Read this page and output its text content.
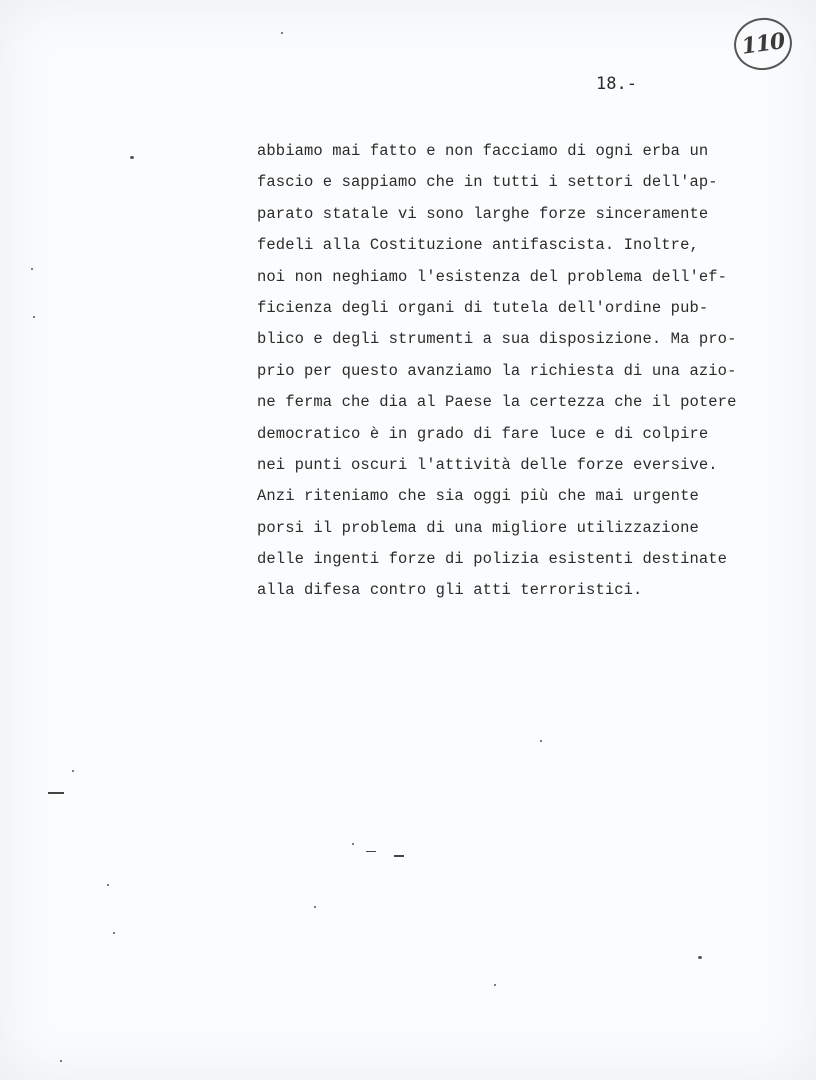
110
18.-
abbiamo mai fatto e non facciamo di ogni erba un
fascio e sappiamo che in tutti i settori dell'ap-
parato statale vi sono larghe forze sinceramente
fedeli alla Costituzione antifascista. Inoltre,
noi non neghiamo l'esistenza del problema dell'ef-
ficienza degli organi di tutela dell'ordine pub-
blico e degli strumenti a sua disposizione. Ma pro-
prio per questo avanziamo la richiesta di una azio-
ne ferma che dia al Paese la certezza che il potere
democratico è in grado di fare luce e di colpire
nei punti oscuri l'attività delle forze eversive.
Anzi riteniamo che sia oggi più che mai urgente
porsi il problema di una migliore utilizzazione
delle ingenti forze di polizia esistenti destinate
alla difesa contro gli atti terroristici.
